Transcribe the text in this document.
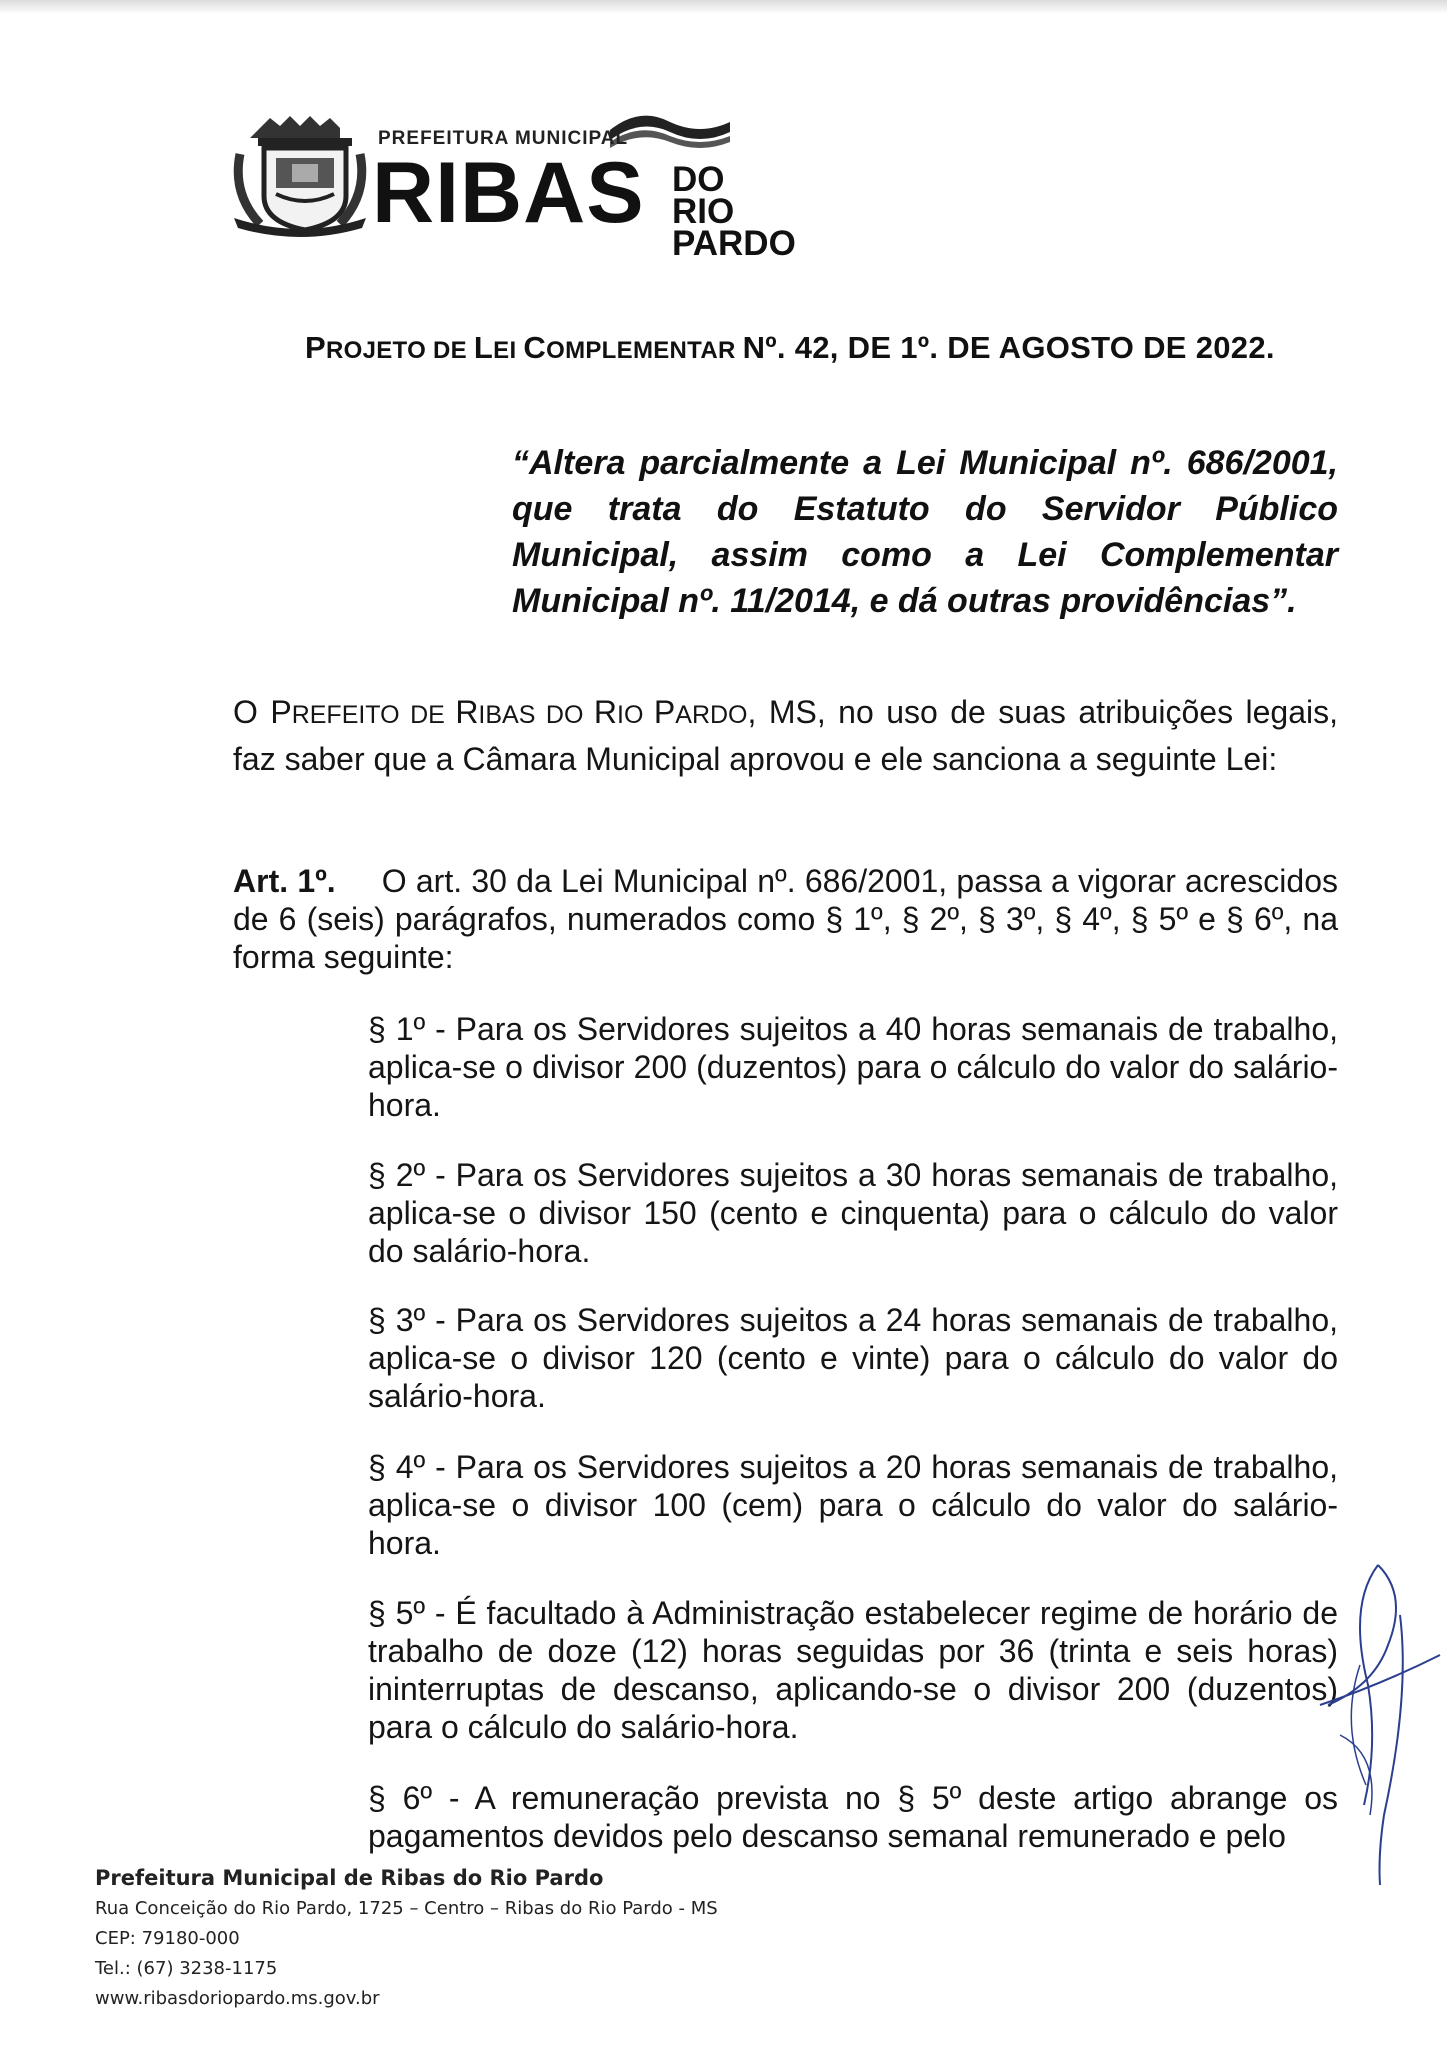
PREFEITURA MUNICIPAL
RIBAS DO RIO
PARDO
PROJETO DE LEI COMPLEMENTAR Nº. 42, DE 1º. DE AGOSTO DE 2022.
“Altera parcialmente a Lei Municipal nº. 686/2001, que trata do Estatuto do Servidor Público Municipal, assim como a Lei Complementar Municipal nº. 11/2014, e dá outras providências”.
O PREFEITO DE RIBAS DO RIO PARDO, MS, no uso de suas atribuições legais, faz saber que a Câmara Municipal aprovou e ele sanciona a seguinte Lei:
Art. 1º. O art. 30 da Lei Municipal nº. 686/2001, passa a vigorar acrescidos de 6 (seis) parágrafos, numerados como § 1º, § 2º, § 3º, § 4º, § 5º e § 6º, na forma seguinte:
§ 1º - Para os Servidores sujeitos a 40 horas semanais de trabalho, aplica-se o divisor 200 (duzentos) para o cálculo do valor do salário-hora.
§ 2º - Para os Servidores sujeitos a 30 horas semanais de trabalho, aplica-se o divisor 150 (cento e cinquenta) para o cálculo do valor do salário-hora.
§ 3º - Para os Servidores sujeitos a 24 horas semanais de trabalho, aplica-se o divisor 120 (cento e vinte) para o cálculo do valor do salário-hora.
§ 4º - Para os Servidores sujeitos a 20 horas semanais de trabalho, aplica-se o divisor 100 (cem) para o cálculo do valor do salário-hora.
§ 5º - É facultado à Administração estabelecer regime de horário de trabalho de doze (12) horas seguidas por 36 (trinta e seis horas) ininterruptas de descanso, aplicando-se o divisor 200 (duzentos) para o cálculo do salário-hora.
§ 6º - A remuneração prevista no § 5º deste artigo abrange os pagamentos devidos pelo descanso semanal remunerado e pelo
Prefeitura Municipal de Ribas do Rio Pardo
Rua Conceição do Rio Pardo, 1725 – Centro – Ribas do Rio Pardo - MS
CEP: 79180-000
Tel.: (67) 3238-1175
www.ribasdoriopardo.ms.gov.br
